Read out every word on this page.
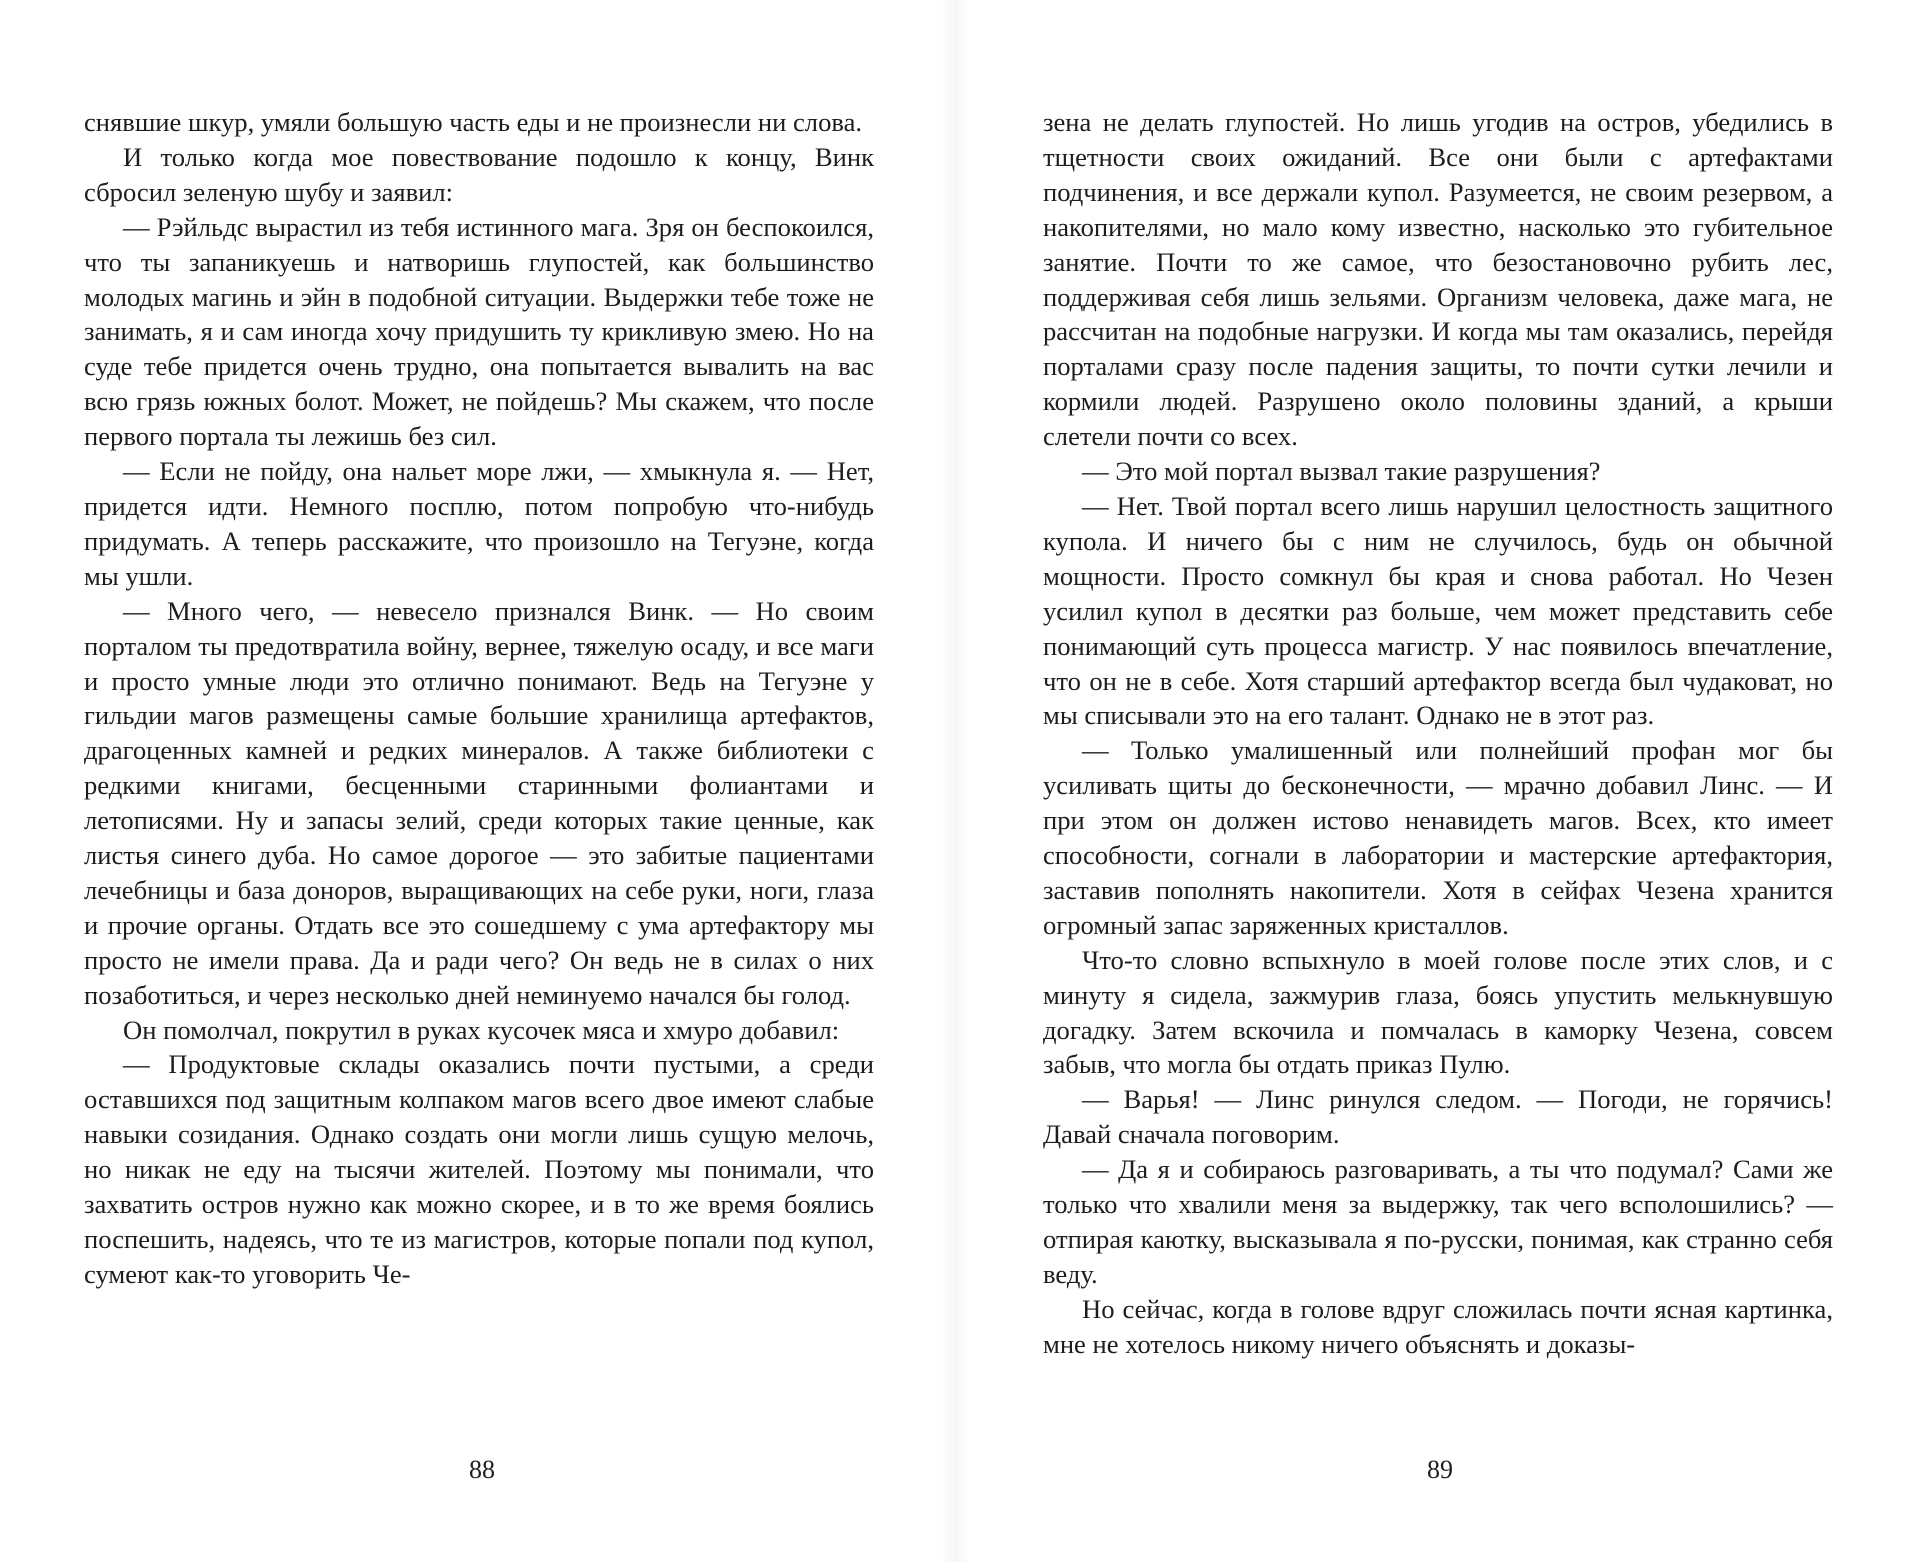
снявшие шкур, умяли большую часть еды и не произнесли ни слова.

И только когда мое повествование подошло к концу, Винк сбросил зеленую шубу и заявил:

— Рэйльдс вырастил из тебя истинного мага. Зря он беспокоился, что ты запаникуешь и натворишь глупостей, как большинство молодых магинь и эйн в подобной ситуации. Выдержки тебе тоже не занимать, я и сам иногда хочу придушить ту крикливую змею. Но на суде тебе придется очень трудно, она попытается вывалить на вас всю грязь южных болот. Может, не пойдешь? Мы скажем, что после первого портала ты лежишь без сил.

— Если не пойду, она нальет море лжи, — хмыкнула я. — Нет, придется идти. Немного посплю, потом попробую что-нибудь придумать. А теперь расскажите, что произошло на Тегуэне, когда мы ушли.

— Много чего, — невесело признался Винк. — Но своим порталом ты предотвратила войну, вернее, тяжелую осаду, и все маги и просто умные люди это отлично понимают. Ведь на Тегуэне у гильдии магов размещены самые большие хранилища артефактов, драгоценных камней и редких минералов. А также библиотеки с редкими книгами, бесценными старинными фолиантами и летописями. Ну и запасы зелий, среди которых такие ценные, как листья синего дуба. Но самое дорогое — это забитые пациентами лечебницы и база доноров, выращивающих на себе руки, ноги, глаза и прочие органы. Отдать все это сошедшему с ума артефактору мы просто не имели права. Да и ради чего? Он ведь не в силах о них позаботиться, и через несколько дней неминуемо начался бы голод.

Он помолчал, покрутил в руках кусочек мяса и хмуро добавил:

— Продуктовые склады оказались почти пустыми, а среди оставшихся под защитным колпаком магов всего двое имеют слабые навыки созидания. Однако создать они могли лишь сущую мелочь, но никак не еду на тысячи жителей. Поэтому мы понимали, что захватить остров нужно как можно скорее, и в то же время боялись поспешить, надеясь, что те из магистров, которые попали под купол, сумеют как-то уговорить Че-

88

зена не делать глупостей. Но лишь угодив на остров, убедились в тщетности своих ожиданий. Все они были с артефактами подчинения, и все держали купол. Разумеется, не своим резервом, а накопителями, но мало кому известно, насколько это губительное занятие. Почти то же самое, что безостановочно рубить лес, поддерживая себя лишь зельями. Организм человека, даже мага, не рассчитан на подобные нагрузки. И когда мы там оказались, перейдя порталами сразу после падения защиты, то почти сутки лечили и кормили людей. Разрушено около половины зданий, а крыши слетели почти со всех.

— Это мой портал вызвал такие разрушения?

— Нет. Твой портал всего лишь нарушил целостность защитного купола. И ничего бы с ним не случилось, будь он обычной мощности. Просто сомкнул бы края и снова работал. Но Чезен усилил купол в десятки раз больше, чем может представить себе понимающий суть процесса магистр. У нас появилось впечатление, что он не в себе. Хотя старший артефактор всегда был чудаковат, но мы списывали это на его талант. Однако не в этот раз.

— Только умалишенный или полнейший профан мог бы усиливать щиты до бесконечности, — мрачно добавил Линс. — И при этом он должен истово ненавидеть магов. Всех, кто имеет способности, согнали в лаборатории и мастерские артефактория, заставив пополнять накопители. Хотя в сейфах Чезена хранится огромный запас заряженных кристаллов.

Что-то словно вспыхнуло в моей голове после этих слов, и с минуту я сидела, зажмурив глаза, боясь упустить мелькнувшую догадку. Затем вскочила и помчалась в каморку Чезена, совсем забыв, что могла бы отдать приказ Пулю.

— Варья! — Линс ринулся следом. — Погоди, не горячись! Давай сначала поговорим.

— Да я и собираюсь разговаривать, а ты что подумал? Сами же только что хвалили меня за выдержку, так чего всполошились? — отпирая каютку, высказывала я по-русски, понимая, как странно себя веду.

Но сейчас, когда в голове вдруг сложилась почти ясная картинка, мне не хотелось никому ничего объяснять и доказы-

89
